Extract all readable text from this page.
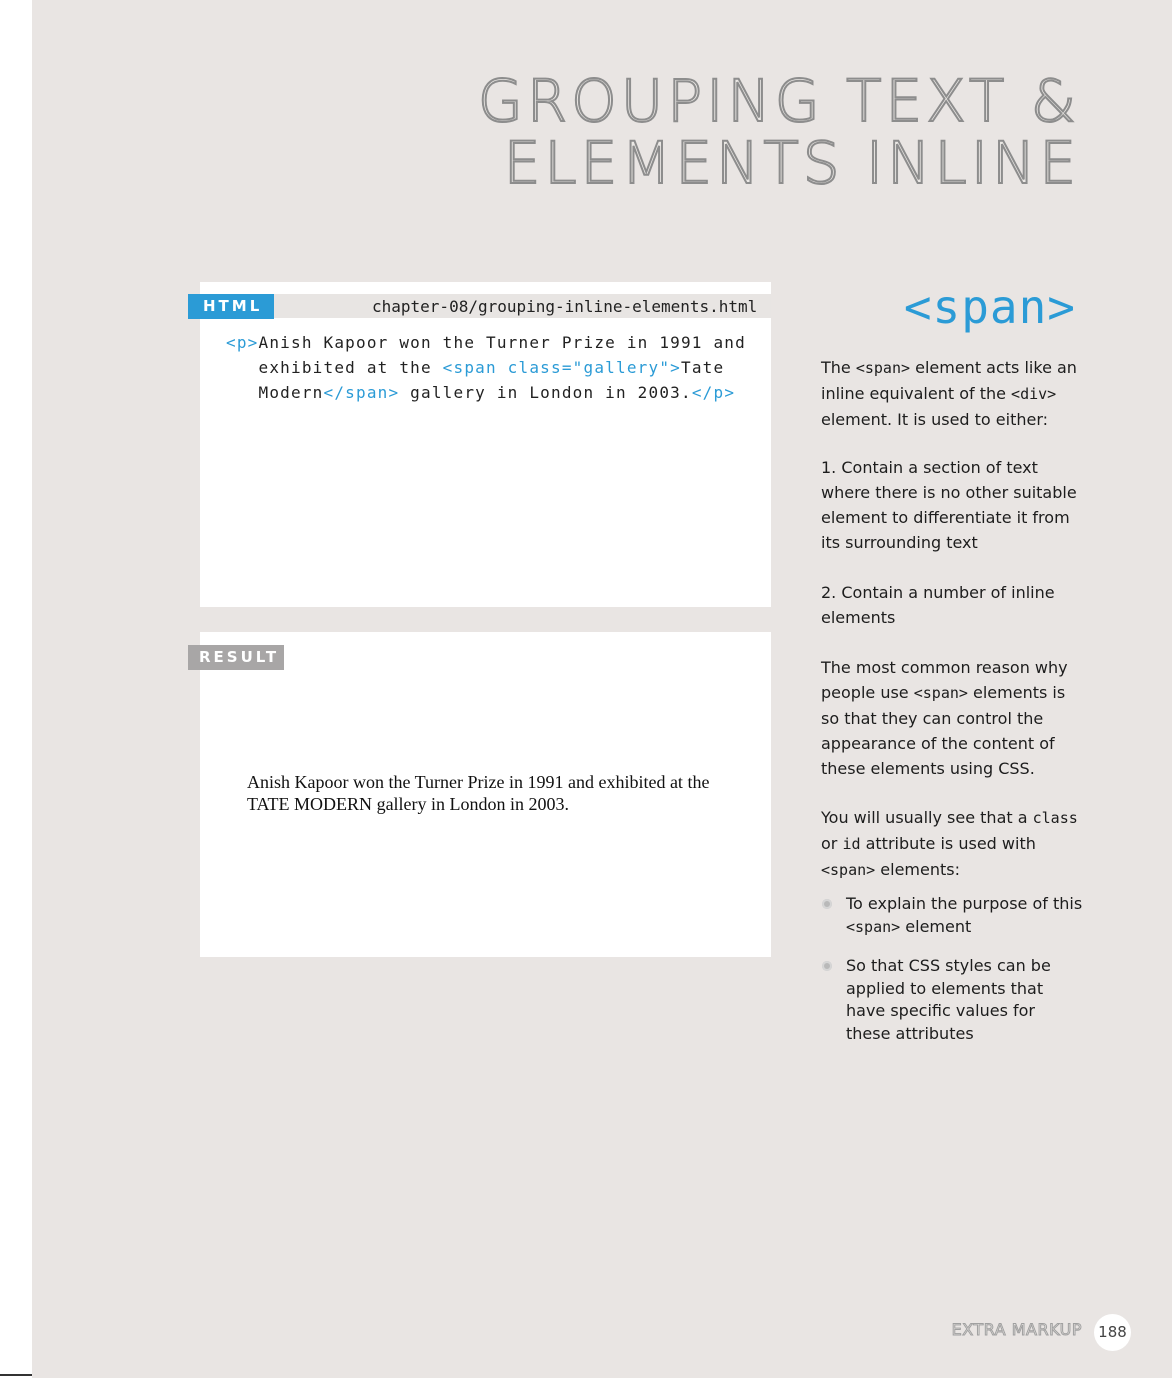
GROUPING TEXT &
ELEMENTS INLINE
HTML	chapter-08/grouping-inline-elements.html
<p>Anish Kapoor won the Turner Prize in 1991 and
exhibited at the <span class="gallery">Tate
Modern</span> gallery in London in 2003.</p>
RESULT

Anish Kapoor won the Turner Prize in 1991 and exhibited at the TATE MODERN gallery in London in 2003.

<span>

The <span> element acts like an inline equivalent of the <div> element. It is used to either:

1. Contain a section of text where there is no other suitable element to differentiate it from its surrounding text

2. Contain a number of inline elements

The most common reason why people use <span> elements is so that they can control the appearance of the content of these elements using CSS.

You will usually see that a class or id attribute is used with <span> elements:

To explain the purpose of this <span> element
So that CSS styles can be applied to elements that have specific values for these attributes
EXTRA MARKUP 188
